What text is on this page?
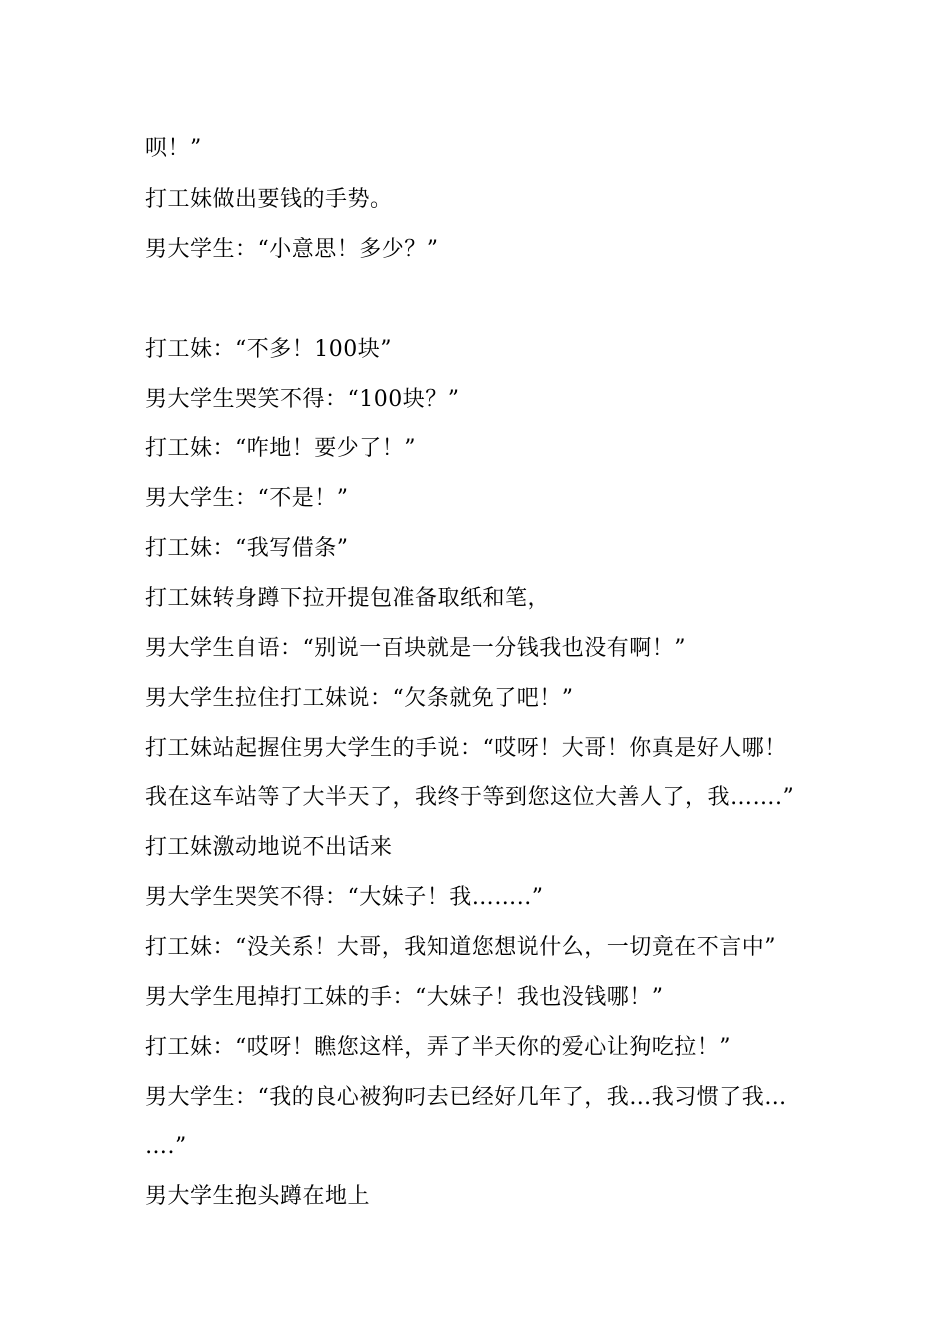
呗！”
打工妹做出要钱的手势。
男大学生：“小意思！多少？”
打工妹：“不多！100块”
男大学生哭笑不得：“100块？”
打工妹：“咋地！要少了！”
男大学生：“不是！”
打工妹：“我写借条”
打工妹转身蹲下拉开提包准备取纸和笔，
男大学生自语：“别说一百块就是一分钱我也没有啊！”
男大学生拉住打工妹说：“欠条就免了吧！”
打工妹站起握住男大学生的手说：“哎呀！大哥！你真是好人哪！
我在这车站等了大半天了，我终于等到您这位大善人了，我…….”
打工妹激动地说不出话来
男大学生哭笑不得：“大妹子！我……..”
打工妹：“没关系！大哥，我知道您想说什么，一切竟在不言中”
男大学生甩掉打工妹的手：“大妹子！我也没钱哪！”
打工妹：“哎呀！瞧您这样，弄了半天你的爱心让狗吃拉！”
男大学生：“我的良心被狗叼去已经好几年了，我…我习惯了我…
….”
男大学生抱头蹲在地上
